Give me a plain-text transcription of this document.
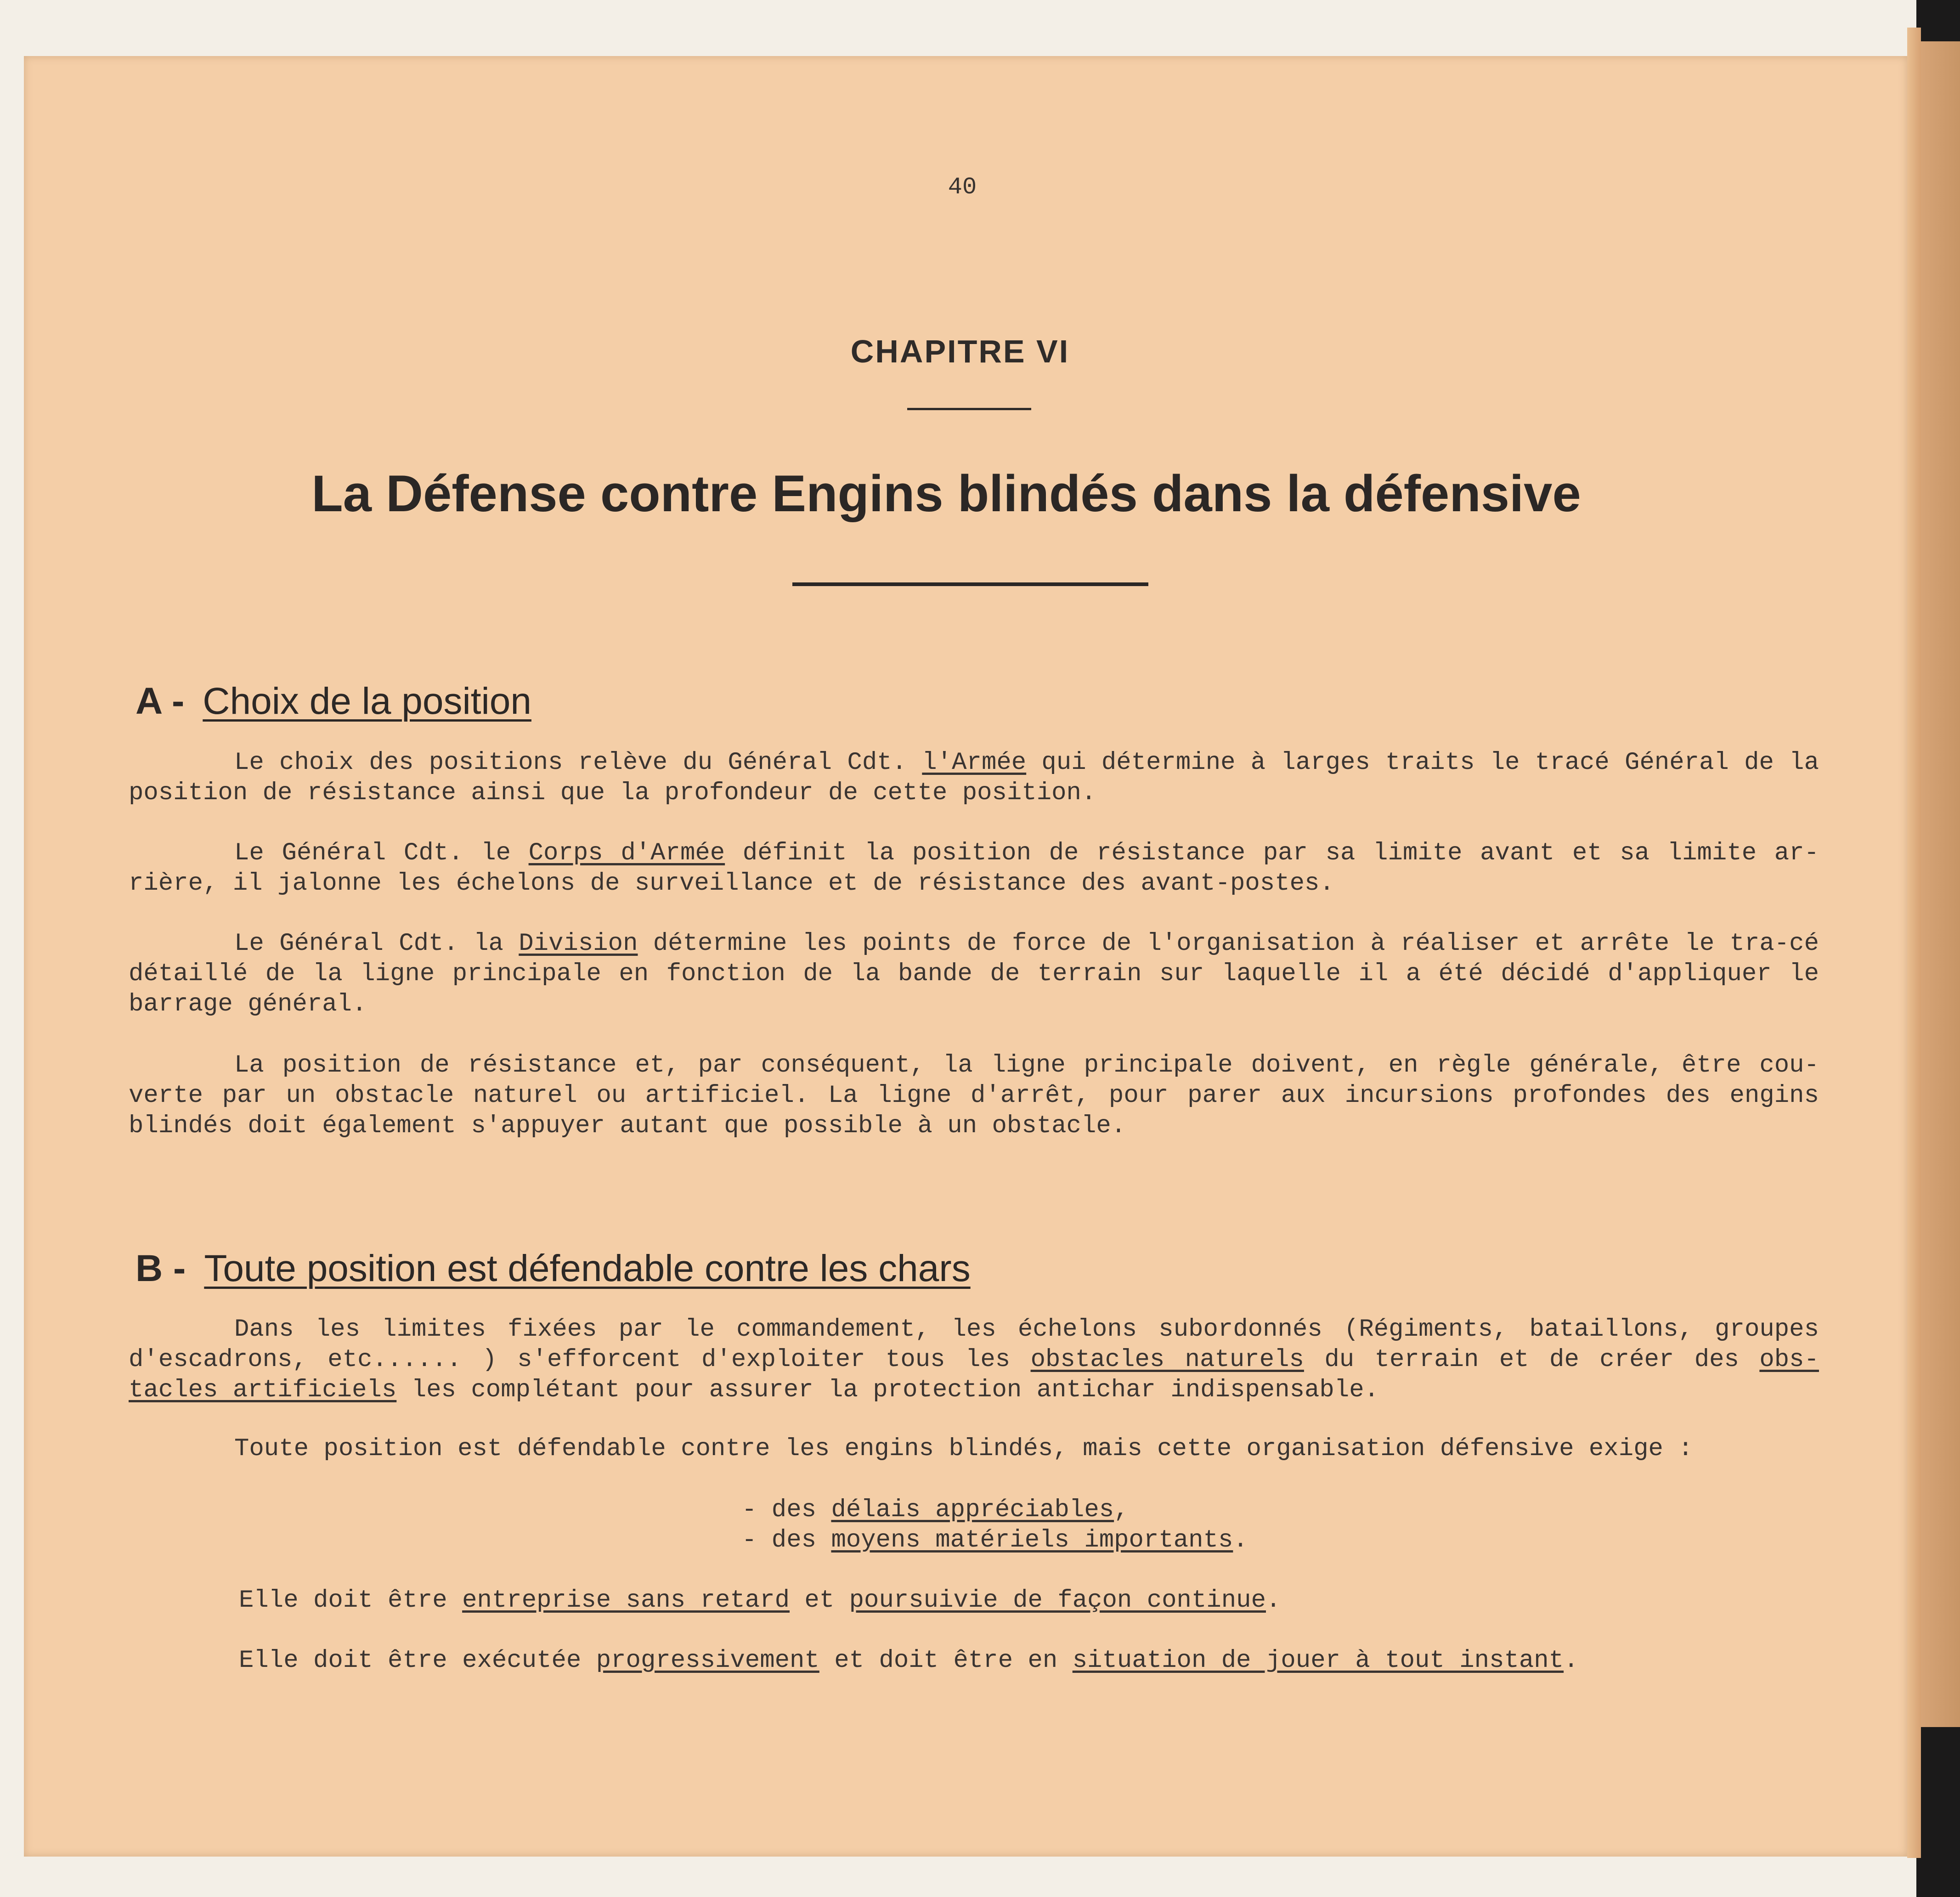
40
CHAPITRE VI
La Défense contre Engins blindés dans la défensive
A - Choix de la position
Le choix des positions relève du Général Cdt. l'Armée qui détermine à larges traits le tracé Général de la position de résistance ainsi que la profondeur de cette position.
Le Général Cdt. le Corps d'Armée définit la position de résistance par sa limite avant et sa limite ar-rière, il jalonne les échelons de surveillance et de résistance des avant-postes.
Le Général Cdt. la Division détermine les points de force de l'organisation à réaliser et arrête le tra-cé détaillé de la ligne principale en fonction de la bande de terrain sur laquelle il a été décidé d'appliquer le barrage général.
La position de résistance et, par conséquent, la ligne principale doivent, en règle générale, être cou-verte par un obstacle naturel ou artificiel. La ligne d'arrêt, pour parer aux incursions profondes des engins blindés doit également s'appuyer autant que possible à un obstacle.
B - Toute position est défendable contre les chars
Dans les limites fixées par le commandement, les échelons subordonnés (Régiments, bataillons, groupes d'escadrons, etc...... ) s'efforcent d'exploiter tous les obstacles naturels du terrain et de créer des obs-tacles artificiels les complétant pour assurer la protection antichar indispensable.
Toute position est défendable contre les engins blindés, mais cette organisation défensive exige :
- des délais appréciables,
- des moyens matériels importants.
Elle doit être entreprise sans retard et poursuivie de façon continue.
Elle doit être exécutée progressivement et doit être en situation de jouer à tout instant.
